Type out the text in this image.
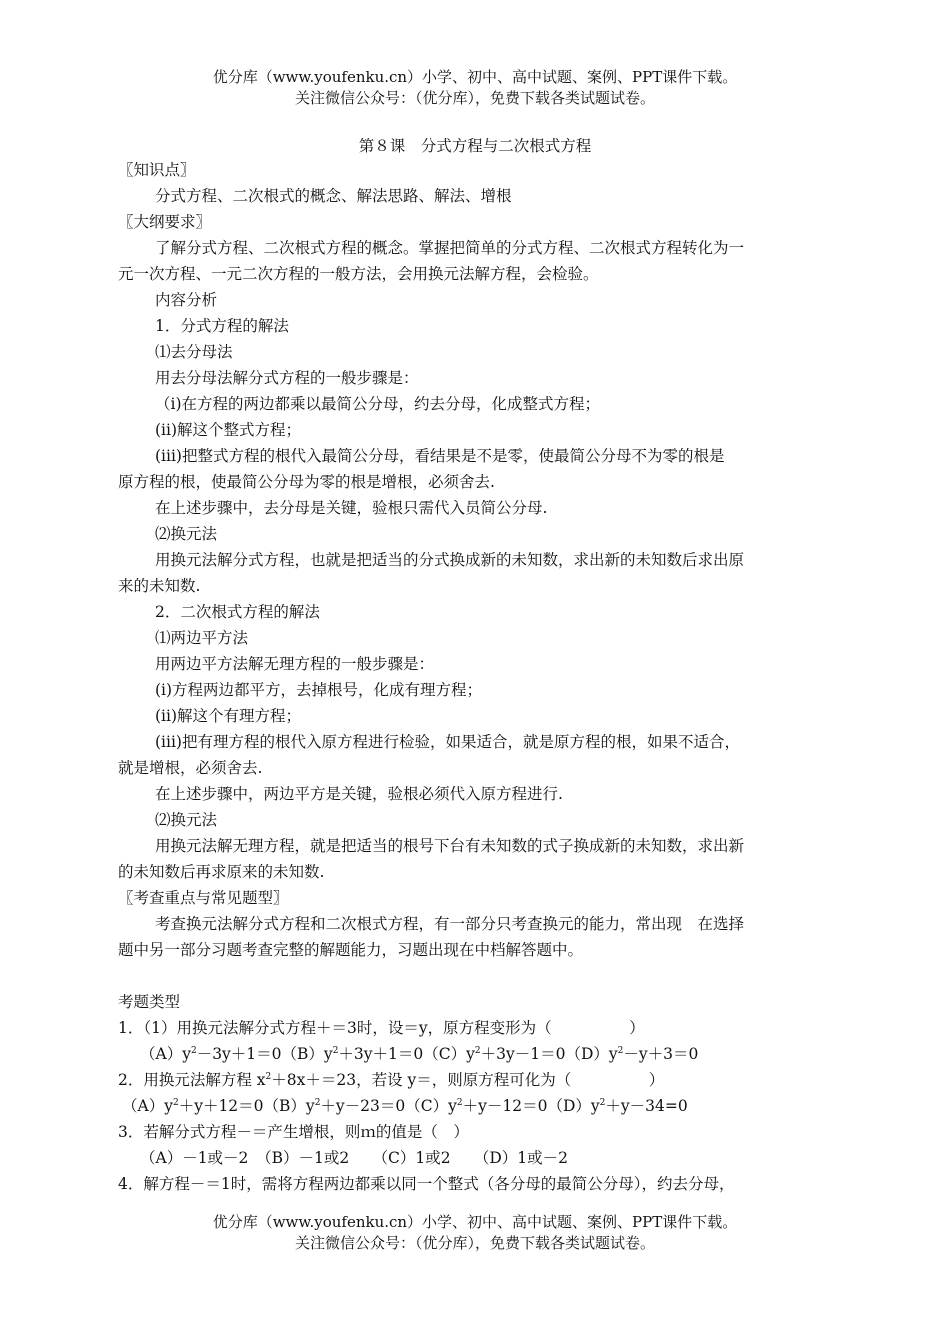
优分库（www.youfenku.cn）小学、初中、高中试题、案例、PPT课件下载。
关注微信公众号：（优分库），免费下载各类试题试卷。
第８课　分式方程与二次根式方程
〖知识点〗
分式方程、二次根式的概念、解法思路、解法、增根
〖大纲要求〗
了解分式方程、二次根式方程的概念。掌握把简单的分式方程、二次根式方程转化为一
元一次方程、一元二次方程的一般方法，会用换元法解方程，会检验。
内容分析
1．分式方程的解法
⑴去分母法
用去分母法解分式方程的一般步骤是：
（i)在方程的两边都乘以最简公分母，约去分母，化成整式方程；
(ii)解这个整式方程；
(iii)把整式方程的根代入最简公分母，看结果是不是零，使最简公分母不为零的根是
原方程的根，使最简公分母为零的根是增根，必须舍去.
在上述步骤中，去分母是关键，验根只需代入员简公分母.
⑵换元法
用换元法解分式方程，也就是把适当的分式换成新的未知数，求出新的未知数后求出原
来的未知数.
2．二次根式方程的解法
⑴两边平方法
用两边平方法解无理方程的一般步骤是：
(i)方程两边都平方，去掉根号，化成有理方程；
(ii)解这个有理方程；
(iii)把有理方程的根代入原方程进行检验，如果适合，就是原方程的根，如果不适合，
就是增根，必须舍去.
在上述步骤中，两边平方是关键，验根必须代入原方程进行.
⑵换元法
用换元法解无理方程，就是把适当的根号下台有未知数的式子换成新的未知数，求出新
的未知数后再求原来的未知数.
〖考查重点与常见题型〗
考查换元法解分式方程和二次根式方程，有一部分只考查换元的能力，常出现　在选择
题中另一部分习题考查完整的解题能力，习题出现在中档解答题中。
考题类型
1．（1）用换元法解分式方程＋＝3时，设＝y，原方程变形为（　　　　　）
$(A)y^2-3y+1=0(B)y^2+3y+1=0(C)y^2+3y-1=0(D)y^2-y+3=0$
2．用换元法解方程 $x^2+8x+=23$，若设 y＝，则原方程可化为（　　　　　）
$(A)y^2+y+12=0(B)y^2+y-23=0(C)y^2+y-12=0(D)y^2+y-34=0$
3．若解分式方程－＝产生增根，则ｍ的值是（　）
（A）－1或－2　（B）－1或2　　（C）1或2　　（D）1或－2
4．解方程－＝1时，需将方程两边都乘以同一个整式（各分母的最简公分母），约去分母，
优分库（www.youfenku.cn）小学、初中、高中试题、案例、PPT课件下载。
关注微信公众号：（优分库），免费下载各类试题试卷。
